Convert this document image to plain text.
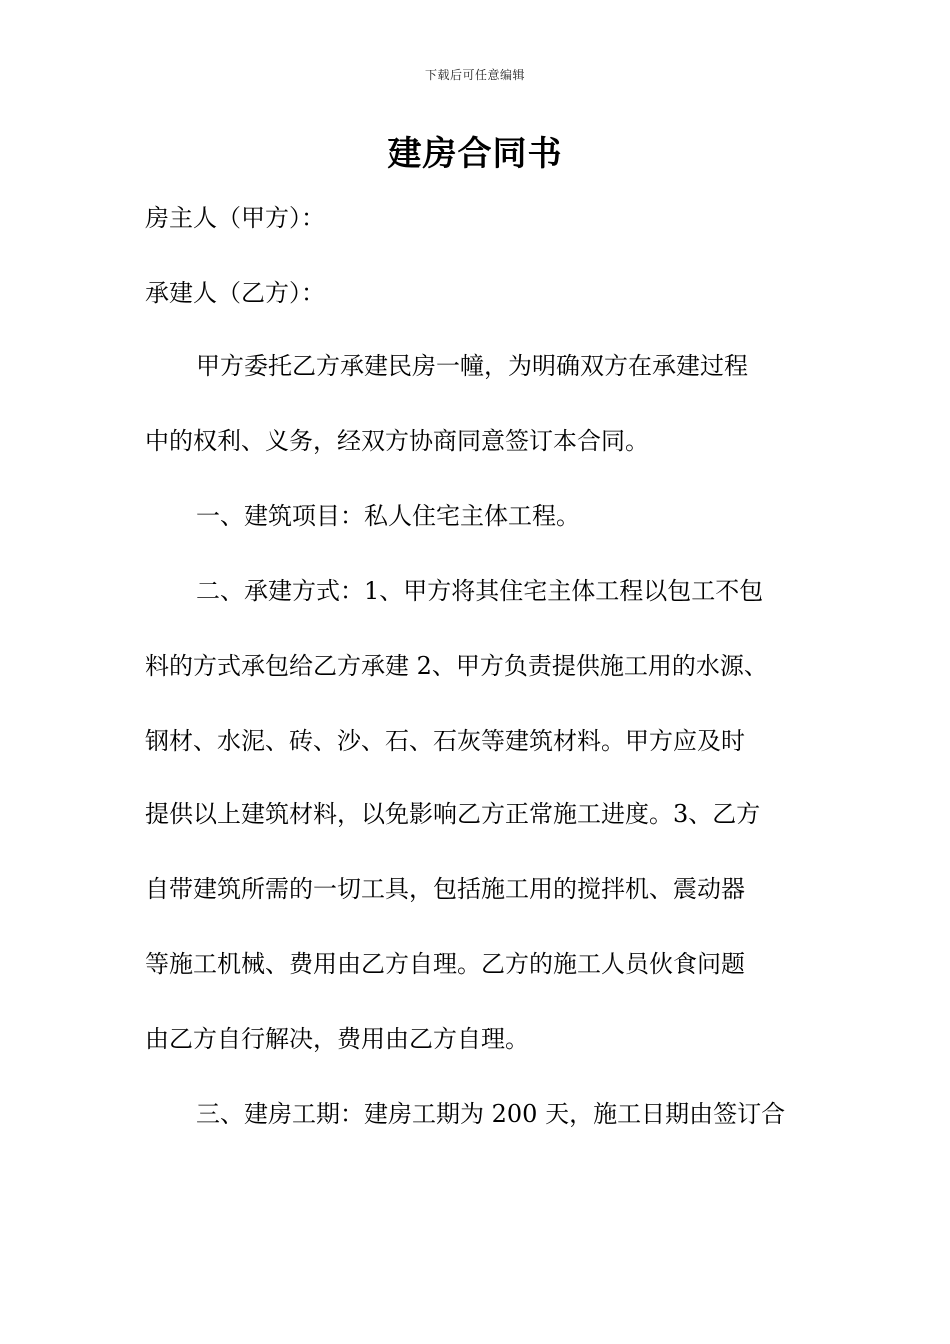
下载后可任意编辑
建房合同书
房主人（甲方）：
承建人（乙方）：
甲方委托乙方承建民房一幢，为明确双方在承建过程
中的权利、义务，经双方协商同意签订本合同。
一、建筑项目：私人住宅主体工程。
二、承建方式：1、甲方将其住宅主体工程以包工不包
料的方式承包给乙方承建 2、甲方负责提供施工用的水源、
钢材、水泥、砖、沙、石、石灰等建筑材料。甲方应及时
提供以上建筑材料，以免影响乙方正常施工进度。3、乙方
自带建筑所需的一切工具，包括施工用的搅拌机、震动器
等施工机械、费用由乙方自理。乙方的施工人员伙食问题
由乙方自行解决，费用由乙方自理。
三、建房工期：建房工期为 200 天，施工日期由签订合
